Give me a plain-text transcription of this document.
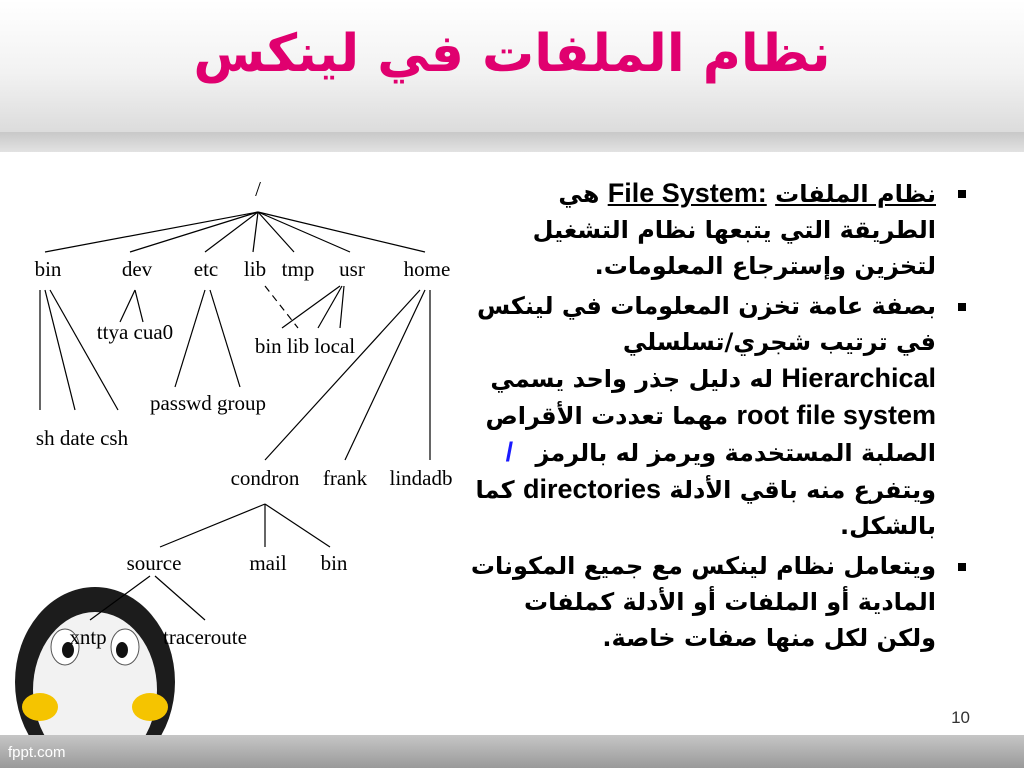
نظام الملفات في لينكس
نظام الملفات File System: هي الطريقة التي يتبعها نظام التشغيل لتخزين وإسترجاع المعلومات.
بصفة عامة تخزن المعلومات في لينكس في ترتيب شجري/تسلسلي Hierarchical له دليل جذر واحد يسمي root file system مهما تعددت الأقراص الصلبة المستخدمة ويرمز له بالرمز / ويتفرع منه باقي الأدلة directories كما بالشكل.
ويتعامل نظام لينكس مع جميع المكونات المادية أو الملفات أو الأدلة كملفات ولكن لكل منها صفات خاصة.
/
bin	dev etc lib tmp usr home
ttya cua0
bin lib local
passwd group
sh date csh
condron frank lindadb
source	mail bin
xntp	traceroute
10
fppt.com
